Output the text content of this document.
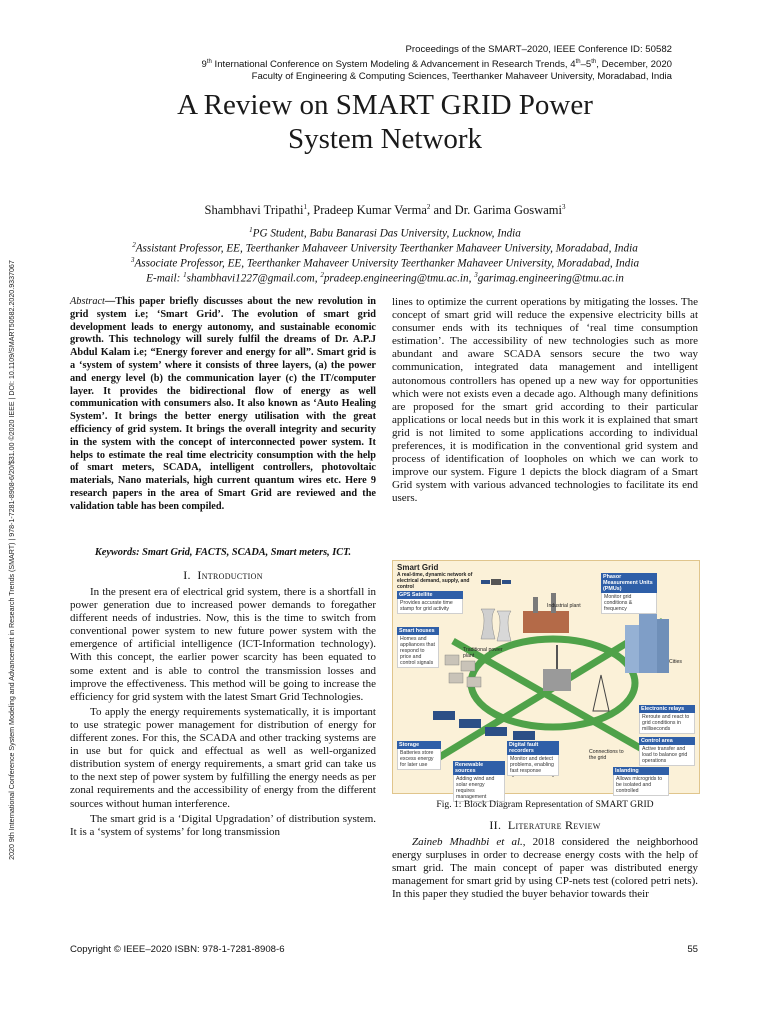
Proceedings of the SMART–2020, IEEE Conference ID: 50582
9th International Conference on System Modeling & Advancement in Research Trends, 4th–5th, December, 2020
Faculty of Engineering & Computing Sciences, Teerthanker Mahaveer University, Moradabad, India
2020 9th International Conference System Modeling and Advancement in Research Trends (SMART) | 978-1-7281-8908-6/20/$31.00 ©2020 IEEE | DOI: 10.1109/SMART50582.2020.9337067
A Review on SMART GRID Power
System Network
Shambhavi Tripathi$^1$, Pradeep Kumar Verma$^2$ and Dr. Garima Goswami$^3$
$^1$PG Student, Babu Banarasi Das University, Lucknow, India
$^2$Assistant Professor, EE, Teerthanker Mahaveer University Teerthanker Mahaveer University, Moradabad, India
$^3$Associate Professor, EE, Teerthanker Mahaveer University Teerthanker Mahaveer University, Moradabad, India
E-mail: $^1$shambhavi1227@gmail.com, $^2$pradeep.engineering@tmu.ac.in, $^3$garimag.engineering@tmu.ac.in

Abstract—This paper briefly discusses about the new revolution in grid system i.e; ‘Smart Grid’. The evolution of smart grid development leads to energy autonomy, and sustainable economic growth. This technology will surely fulfil the dreams of Dr. A.P.J Abdul Kalam i.e; “Energy forever and energy for all”. Smart grid is a ‘system of system’ where it consists of three layers, (a) the power and energy level (b) the communication layer (c) the IT/computer layer. It provides the bidirectional flow of energy as well communication with consumers also. It also known as ‘Auto Healing System’. It brings the better energy utilisation with the great efficiency of grid system. It brings the overall integrity and security in the system with the concept of interconnected power system. It helps to estimate the real time electricity consumption with the help of smart meters, SCADA, intelligent controllers, photovoltaic materials, Nano materials, high current quantum wires etc. Here 9 research papers in the area of Smart Grid are reviewed and the validation table has been compiled.

Keywords: Smart Grid, FACTS, SCADA, Smart meters, ICT.
I. Introduction

In the present era of electrical grid system, there is a shortfall in power generation due to increased power demands to foregather different needs of industries. Now, this is the time to switch from conventional power system to new future power system with the emergence of artificial intelligence (ICT-Information technology). With this concept, the earlier power scarcity has been equated to some extent and is able to control the transmission losses and improve the effectiveness. This method will be going to increase the efficiency for grid system with the latest Smart Grid Technologies.

To apply the energy requirements systematically, it is important to use strategic power management for distribution of energy for different zones. For this, the SCADA and other tracking systems are in use but for quick and effectual as well as well-organized distribution system of energy requirements, a smart grid can take us to the next step of power system by fulfilling the energy needs as per zonal requirements and the accessibility of energy from the different sources without human interference.

The smart grid is a ‘Digital Upgradation’ of distribution system. It is a ‘system of systems’ for long transmission

lines to optimize the current operations by mitigating the losses. The concept of smart grid will reduce the expensive electricity bills at consumer ends with its techniques of ‘real time consumption estimation’. The accessibility of new technologies such as more abundant and aware SCADA sensors secure the two way communication, integrated data management and intelligent autonomous controllers has opened up a new way for opportunities which were not exists even a decade ago. Although many definitions are proposed for the smart grid according to their particular applications or local needs but in this work it is explained that smart grid is not limited to some applications according to individual preferences, it is modification in the conventional grid system and process of identification of loopholes on which we can work to improve our system. Figure 1 depicts the block diagram of a Smart Grid system with various advanced technologies to facilitate its end users.

Smart Grid
A real-time, dynamic network of electrical demand, supply, and control
GPS Satellite
Provides accurate time stamp for grid activity
Phasor Measurement Units (PMUs)
Monitor grid conditions & frequency
Smart houses
Homes and appliances that respond to price and control signals
Storage
Batteries store excess energy for later use	Renewable sources
Adding wind and solar energy requires management
Digital fault recorders
Monitor and detect problems, enabling fast response
Electronic relays
Reroute and react to grid conditions in milliseconds
Control area
Active transfer and load to balance grid operations
Islanding
Allows microgrids to be isolated and controlled
Industrial plant
Traditional power plant
Cities
Connections to the grid
Fig. 1: Block Diagram Representation of SMART GRID
II. Literature Review

Zaineb Mhadhbi et al., 2018 considered the neighborhood energy surpluses in order to decrease energy costs with the help of smart grid. The main concept of paper was distributed energy management for smart grid by using CP-nets test (colored petri nets). In this paper they studied the buyer behavior towards their

Copyright © IEEE–2020 ISBN: 978-1-7281-8908-6	55
